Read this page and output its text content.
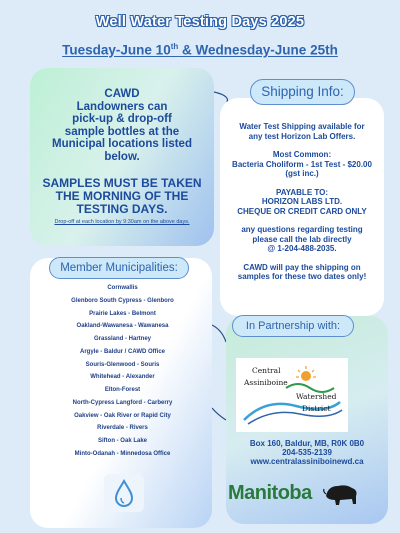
Well Water Testing Days 2025
Tuesday-June 10th & Wednesday-June 25th
CAWD
Landowners can
pick-up & drop-off
sample bottles at the
Municipal locations listed
below.
SAMPLES MUST BE TAKEN
THE MORNING OF THE
TESTING DAYS.
Drop-off at each location by 9:30am on the above days.
Water Test Shipping available for
any test Horizon Lab Offers.
Most Common:
Bacteria Choliform - 1st Test - $20.00
(gst inc.)
PAYABLE TO:
HORIZON LABS LTD.
CHEQUE OR CREDIT CARD ONLY
any questions regarding testing
please call the lab directly
@ 1-204-488-2035.
CAWD will pay the shipping on
samples for these two dates only!
Shipping Info:
Member Municipalities:
Cornwallis
Glenboro South Cypress - Glenboro
Prairie Lakes - Belmont
Oakland-Wawanesa - Wawanesa
Grassland - Hartney
Argyle - Baldur / CAWD Office
Souris-Glenwood - Souris
Whitehead - Alexander
Elton-Forest
North-Cypress Langford - Carberry
Oakview - Oak River or Rapid City
Riverdale - Rivers
Sifton - Oak Lake
Minto-Odanah - Minnedosa Office
In Partnership with:
Central
Assiniboine
Watershed
District
Box 160, Baldur, MB, R0K 0B0
204-535-2139
www.centralassiniboinewd.ca
Manitoba
